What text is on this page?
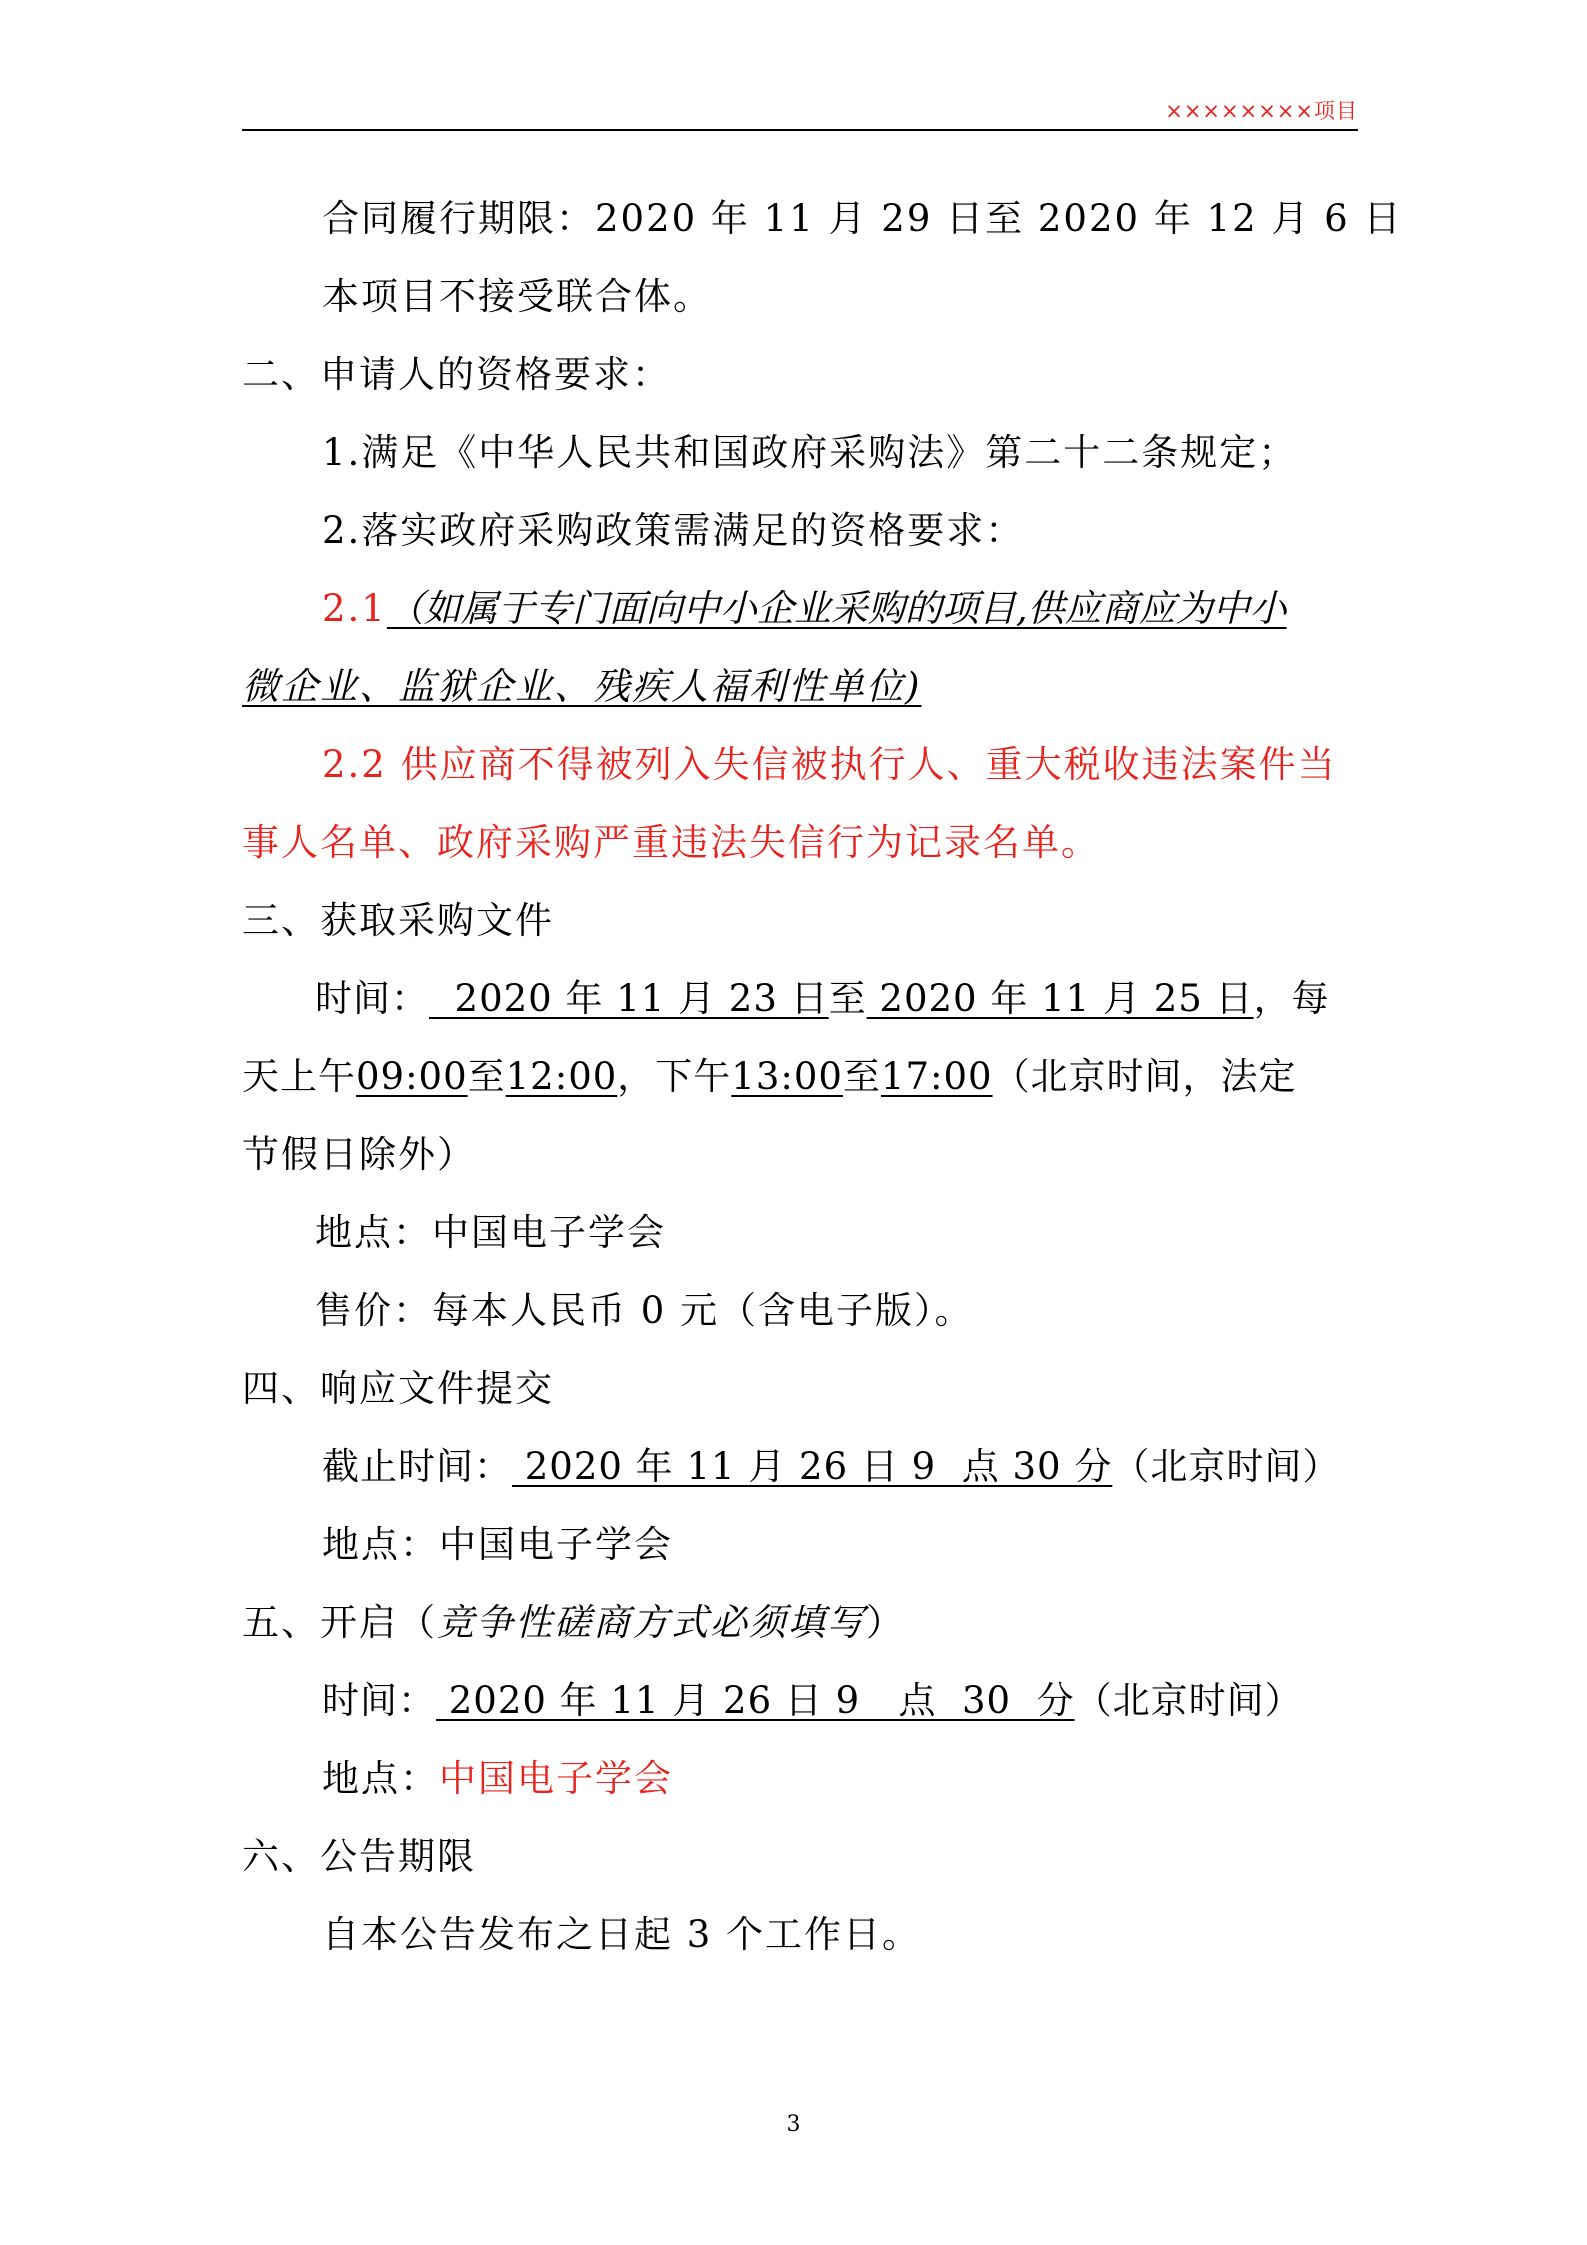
××××××××项目
合同履行期限：2020 年 11 月 29 日至 2020 年 12 月 6 日
本项目不接受联合体。
二、申请人的资格要求：
1.满足《中华人民共和国政府采购法》第二十二条规定；
2.落实政府采购政策需满足的资格要求：
2.1（如属于专门面向中小企业采购的项目,供应商应为中小
微企业、监狱企业、残疾人福利性单位)
2.2 供应商不得被列入失信被执行人、重大税收违法案件当
事人名单、政府采购严重违法失信行为记录名单。
三、获取采购文件
时间：  2020 年 11 月 23 日至 2020 年 11 月 25 日，每
天上午09:00至12:00，下午13:00至17:00（北京时间，法定
节假日除外）
地点：中国电子学会
售价：每本人民币 0 元（含电子版）。
四、响应文件提交
截止时间： 2020 年 11 月 26 日 9  点 30 分（北京时间）
地点：中国电子学会
五、开启（竞争性磋商方式必须填写）
时间： 2020 年 11 月 26 日 9   点  30  分（北京时间）
地点：中国电子学会
六、公告期限
自本公告发布之日起 3 个工作日。
3
